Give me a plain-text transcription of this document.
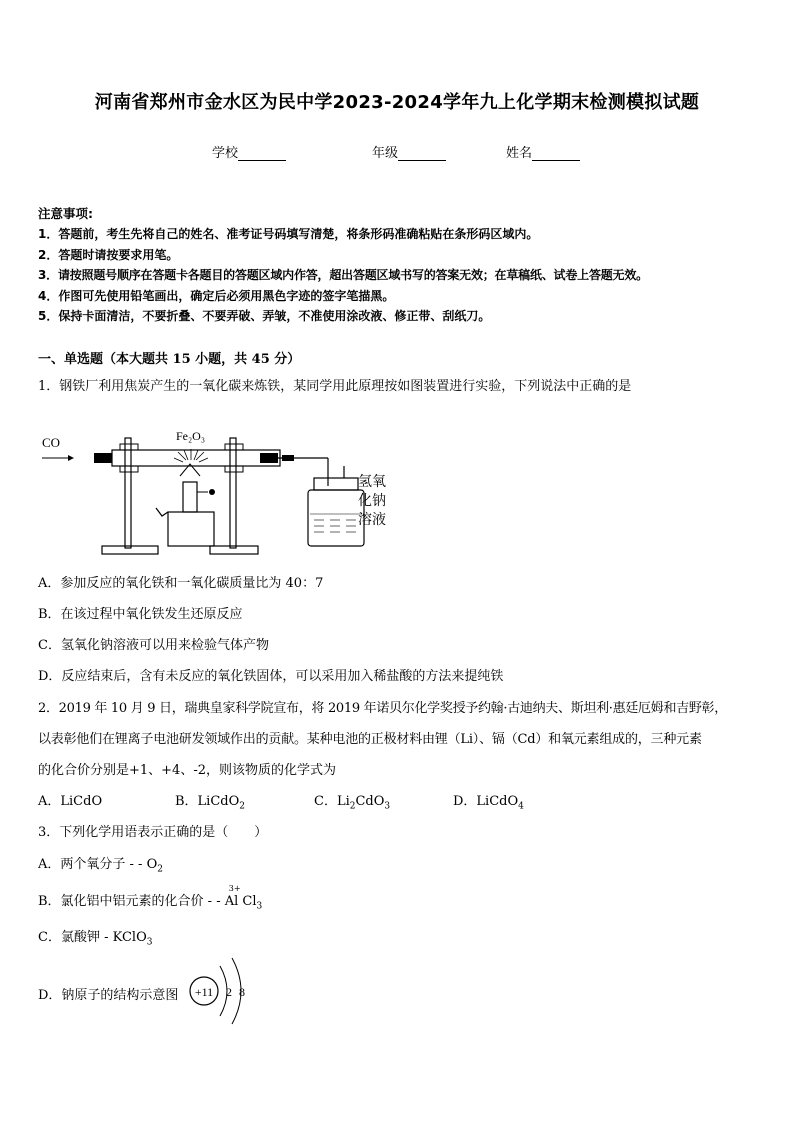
河南省郑州市金水区为民中学2023-2024学年九上化学期末检测模拟试题
学校	年级	姓名
注意事项:
1．答题前，考生先将自己的姓名、准考证号码填写清楚，将条形码准确粘贴在条形码区域内。
2．答题时请按要求用笔。
3．请按照题号顺序在答题卡各题目的答题区域内作答，超出答题区域书写的答案无效；在草稿纸、试卷上答题无效。
4．作图可先使用铅笔画出，确定后必须用黑色字迹的签字笔描黑。
5．保持卡面清洁，不要折叠、不要弄破、弄皱，不准使用涂改液、修正带、刮纸刀。
一、单选题（本大题共 15 小题，共 45 分）
1．钢铁厂利用焦炭产生的一氧化碳来炼铁，某同学用此原理按如图装置进行实验，下列说法中正确的是
CO	Fe₂O₃
氢氧
化钠
溶液
A．参加反应的氧化铁和一氧化碳质量比为 40：7
B．在该过程中氧化铁发生还原反应
C．氢氧化钠溶液可以用来检验气体产物
D．反应结束后，含有未反应的氧化铁固体，可以采用加入稀盐酸的方法来提纯铁
2．2019 年 10 月 9 日，瑞典皇家科学院宣布，将 2019 年诺贝尔化学奖授予约翰·古迪纳夫、斯坦利·惠廷厄姆和吉野彰，
以表彰他们在锂离子电池研发领域作出的贡献。某种电池的正极材料由锂（Li）、镉（Cd）和氧元素组成的，三种元素
的化合价分别是+1、+4、-2，则该物质的化学式为
A．LiCdO	B．LiCdO$_2$	C．$Li_2CdO_3$	D．LiCdO$_4$
3．下列化学用语表示正确的是（　　）
A．两个氧分子 - - $O_2$
B．氯化铝中铝元素的化合价 - -
3+
Al $Cl_3$
C．氯酸钾 - KClO$_3$
D．钠原子的结构示意图 +11 2 8
